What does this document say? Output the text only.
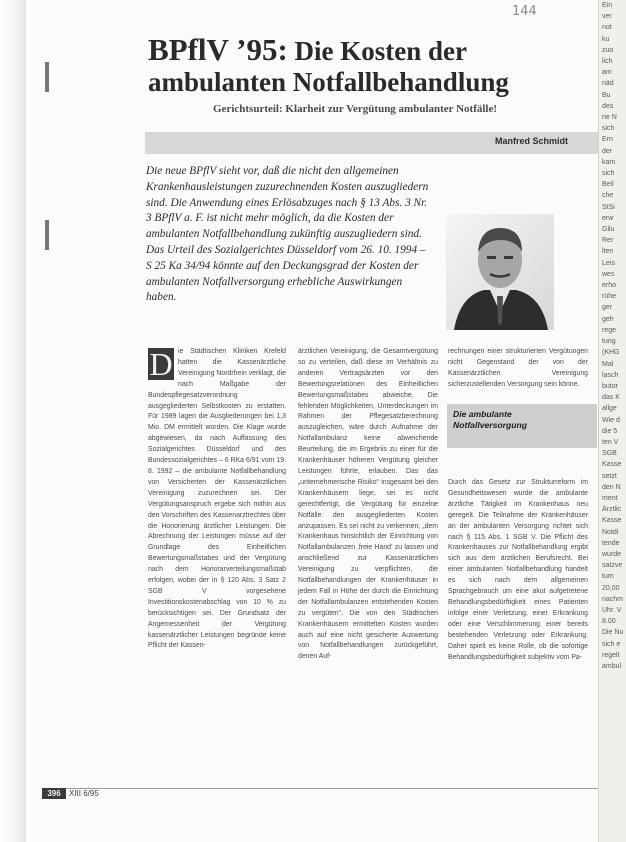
144
BPflV ’95: Die Kosten der
ambulanten Notfallbehandlung
Gerichtsurteil: Klarheit zur Vergütung ambulanter Notfälle!
Manfred Schmidt
Die neue BPflV sieht vor, daß die nicht den allgemeinen Krankenhausleistungen zuzurechnenden Kosten auszugliedern sind. Die Anwendung eines Erlösabzuges nach § 13 Abs. 3 Nr. 3 BPflV a. F. ist nicht mehr möglich, da die Kosten der ambulanten Notfallbehandlung zukünftig auszugliedern sind. Das Urteil des Sozialgerichtes Düsseldorf vom 26. 10. 1994 – S 25 Ka 34/94 könnte auf den Deckungsgrad der Kosten der ambulanten Notfallversorgung erhebliche Auswirkungen haben.
D ie Städtischen Kliniken Krefeld hatten die Kassenärztliche Vereinigung Nordrhein verklagt, die nach Maßgabe der Bundespflegesatzverordnung ausgegliederten Selbstkosten zu erstatten. Für 1989 lagen die Ausgliederungen bei 1,3 Mio. DM ermittelt worden. Die Klage wurde abgewiesen, da nach Auffassung des Sozialgerichtes Düsseldorf und des Bundessozialgerichtes – 6 RKa 6/91 vom 19. 8. 1992 – die ambulante Notfallbehandlung von Versicherten der Kassenärztlichen Vereinigung zuzurechnen sei. Der Vergütungsanspruch ergebe sich mithin aus den Vorschriften des Kassenarztrechtes über die Honorierung ärztlicher Leistungen. Die Abrechnung der Leistungen müsse auf der Grundlage des Einheitlichen Bewertungsmaßstabes und der Vergütung nach dem Honorarverteilungsmaßstab erfolgen, wobei der in § 120 Abs. 3 Satz 2 SGB V vorgesehene Investitionskostenabschlag von 10 % zu berücksichtigen sei. Der Grundsatz der Angemessenheit der Vergütung kassenärztlicher Leistungen begründe keine Pflicht der Kassen-
ärztlichen Vereinigung, die Gesamtvergütung so zu verteilen, daß diese im Verhältnis zu anderen Vertragsärzten vor den Bewertungsrelationen des Einheitlichen Bewertungsmaßstabes abweiche. Die fehlenden Möglichkeiten, Unterdeckungen im Rahmen der Pflegesatzberechnung auszugleichen, wäre durch Aufnahme der Notfallambulanz keine abweichende Beurteilung, die im Ergebnis zu einer für die Krankenhäuser höheren Vergütung gleicher Leistungen führte, erlauben. Das das „unternehmerische Risiko“ insgesamt bei den Krankenhäusern liege, sei es nicht gerechtfertigt, die Vergütung für einzelne Notfälle den ausgegliederten Kosten anzupassen. Es sei nicht zu verkennen, „dem Krankenhaus hinsichtlich der Einrichtung von Notfallambulanzen ‚freie Hand‘ zu lassen und anschließend zur Kassenärztlichen Vereinigung zu verpflichten, die Notfallbehandlungen der Krankenhäuser in jedem Fall in Höhe der durch die Einrichtung der Notfallambulanzen entstehenden Kosten zu vergüten“. Die von den Städtischen Krankenhäusern ermittelten Kosten wurden auch auf eine nicht gesicherte Auswertung von Notfallbehandlungen zurückgeführt, denen Auf-
rechnungen einer strukturierten Vergütungen nicht Gegenstand der von der Kassenärztlichen Vereinigung sicherzustellenden Versorgung sein könne.
Die ambulante Notfallversorgung
Durch das Gesetz zur Strukturreform im Gesundheitswesen wurde die ambulante ärztliche Tätigkeit im Krankenhaus neu geregelt. Die Teilnahme der Krankenhäuser an der ambulanten Versorgung richtet sich nach § 115 Abs. 1 SGB V. Die Pflicht des Krankenhauses zur Notfallbehandlung ergibt sich aus dem ärztlichen Berufsrecht. Bei einer ambulanten Notfallbehandlung handelt es sich nach dem allgemeinen Sprachgebrauch um eine akut aufgetretene Behandlungsbedürftigkeit eines Patienten infolge einer Verletzung, einer Erkrankung oder eine Verschlimmerung einer bereits bestehenden Verletzung oder Erkrankung. Daher spielt es keine Rolle, ob die sofortige Behandlungsbedürftigkeit subjektiv vom Pa-
396	XIII 6/95
Ein
ver
not
ku
zuo
lich
am
näd
Bu
des
rie N
sich
Ern
der
kam
sich
Beil
che
StSi
erw
Gilu
Rer
lten
Leis
wes
erho
rühe
ger
geh
rege
tung
(KHG
Mal
lasch
butor
das K
allge
Wie d
die 5
ten V
SGB
Kasse
setzt
den N
ment
Ärztlic
Kasse
Notdi
tende
wurde
satzve
tum
20,00
nachm
Uhr. V
8.00
Die Nu
sich e
regelt
ambul
